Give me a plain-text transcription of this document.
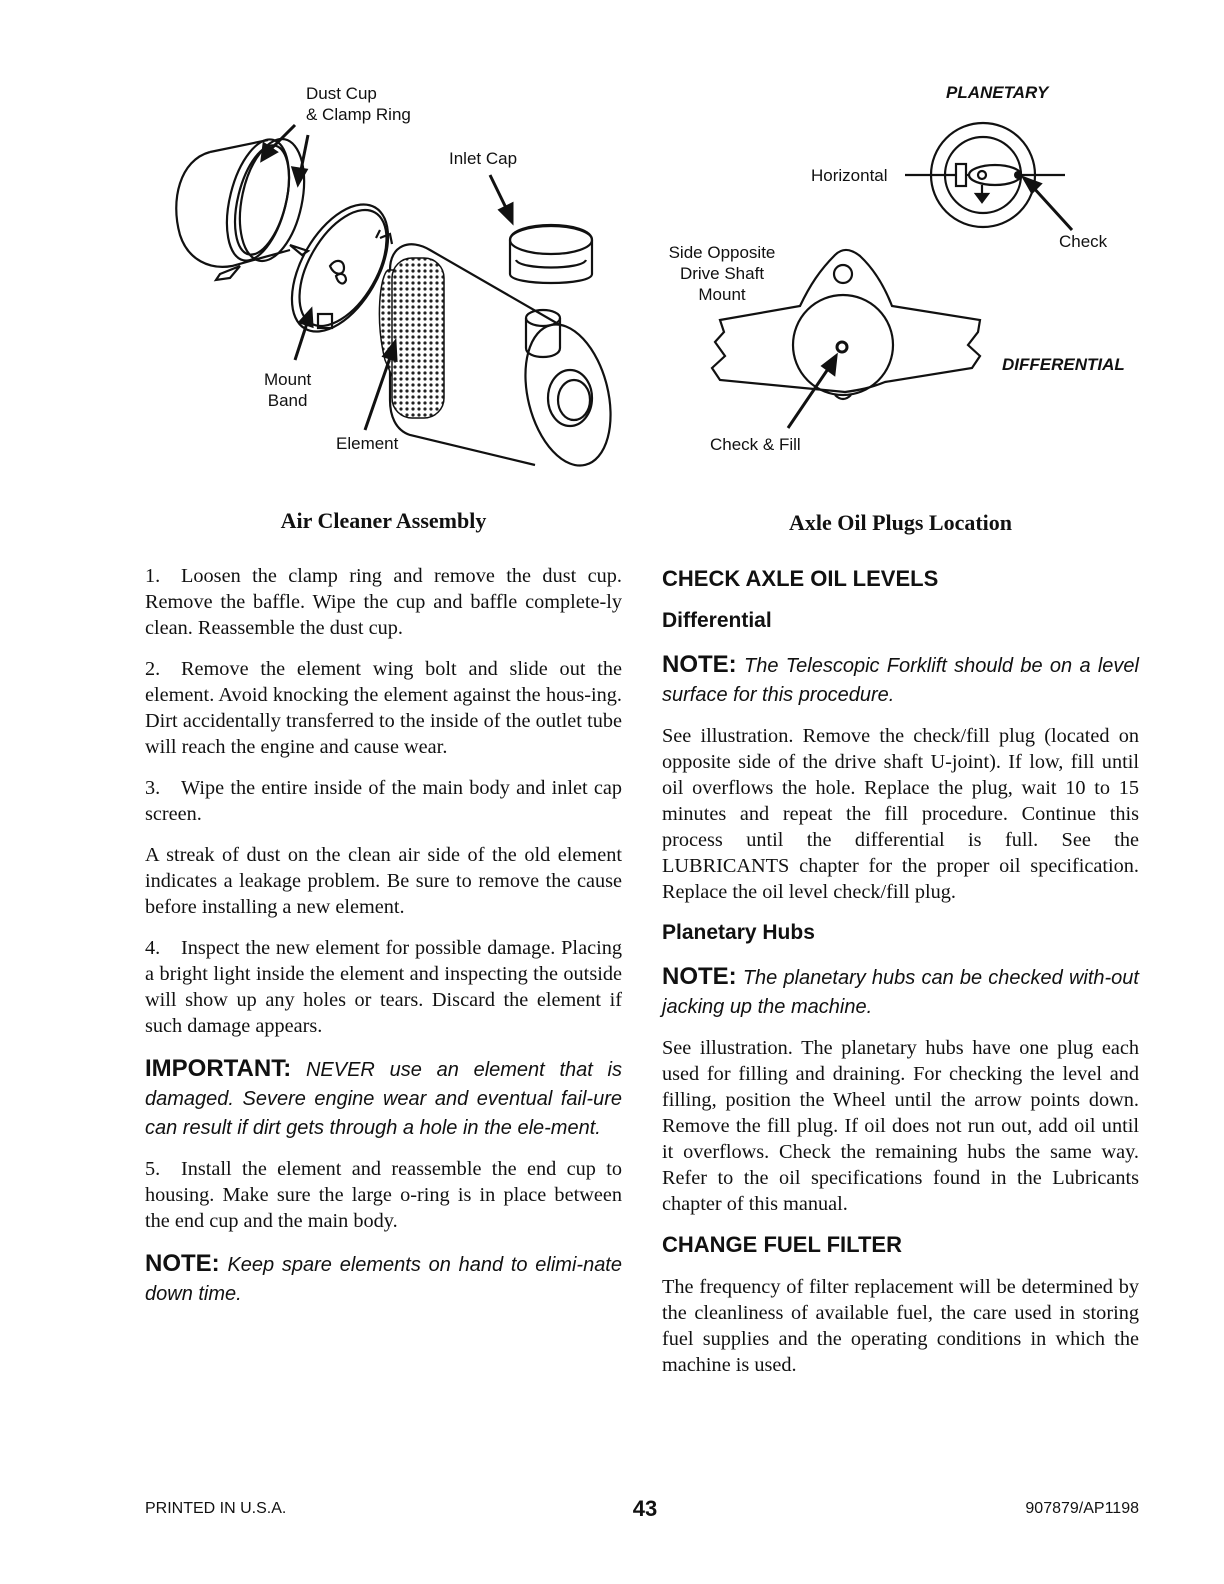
Dust Cup
& Clamp Ring
Inlet Cap
Mount
Band
Element
Air Cleaner Assembly
PLANETARY
Horizontal
Check
Side Opposite
Drive Shaft
Mount
DIFFERENTIAL
Check & Fill
Axle Oil Plugs Location

1. Loosen the clamp ring and remove the dust cup. Remove the baffle. Wipe the cup and baffle complete-ly clean. Reassemble the dust cup.

2. Remove the element wing bolt and slide out the element. Avoid knocking the element against the hous-ing. Dirt accidentally transferred to the inside of the outlet tube will reach the engine and cause wear.

3. Wipe the entire inside of the main body and inlet cap screen.

A streak of dust on the clean air side of the old element indicates a leakage problem. Be sure to remove the cause before installing a new element.

4. Inspect the new element for possible damage. Placing a bright light inside the element and inspecting the outside will show up any holes or tears. Discard the element if such damage appears.

IMPORTANT: NEVER use an element that is damaged. Severe engine wear and eventual fail-ure can result if dirt gets through a hole in the ele-ment.

5. Install the element and reassemble the end cup to housing. Make sure the large o-ring is in place between the end cup and the main body.

NOTE: Keep spare elements on hand to elimi-nate down time.

CHECK AXLE OIL LEVELS
Differential

NOTE: The Telescopic Forklift should be on a level surface for this procedure.

See illustration. Remove the check/fill plug (located on opposite side of the drive shaft U-joint). If low, fill until oil overflows the hole. Replace the plug, wait 10 to 15 minutes and repeat the fill procedure. Continue this process until the differential is full. See the LUBRICANTS chapter for the proper oil specification. Replace the oil level check/fill plug.

Planetary Hubs

NOTE: The planetary hubs can be checked with-out jacking up the machine.

See illustration. The planetary hubs have one plug each used for filling and draining. For checking the level and filling, position the Wheel until the arrow points down. Remove the fill plug. If oil does not run out, add oil until it overflows. Check the remaining hubs the same way. Refer to the oil specifications found in the Lubricants chapter of this manual.

CHANGE FUEL FILTER

The frequency of filter replacement will be determined by the cleanliness of available fuel, the care used in storing fuel supplies and the operating conditions in which the machine is used.

PRINTED IN U.S.A.	43	907879/AP1198
